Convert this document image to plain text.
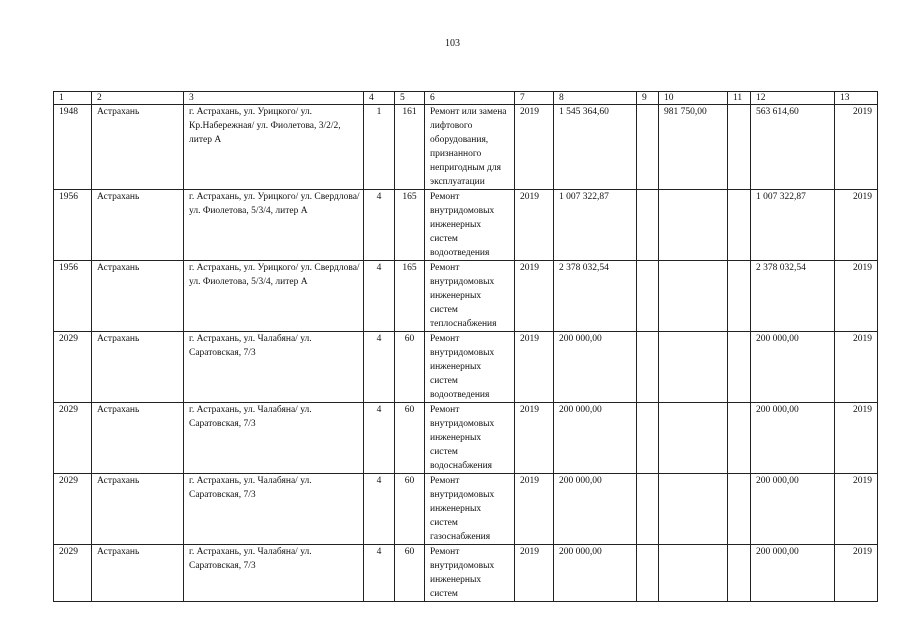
103
1	2	3	4	5	6	7	8	9	10	11	12	13
1948	Астрахань	г. Астрахань, ул. Урицкого/ ул. Кр.Набережная/ ул. Фиолетова, 3/2/2, литер А	1	161	Ремонт или замена лифтового оборудования, признанного непригодным для эксплуатации	2019	1 545 364,60		981 750,00		563 614,60	2019
1956	Астрахань	г. Астрахань, ул. Урицкого/ ул. Свердлова/ ул. Фиолетова, 5/3/4, литер А	4	165	Ремонт внутридомовых инженерных систем водоотведения	2019	1 007 322,87				1 007 322,87	2019
1956	Астрахань	г. Астрахань, ул. Урицкого/ ул. Свердлова/ ул. Фиолетова, 5/3/4, литер А	4	165	Ремонт внутридомовых инженерных систем теплоснабжения	2019	2 378 032,54				2 378 032,54	2019
2029	Астрахань	г. Астрахань, ул. Чалабяна/ ул. Саратовская, 7/3	4	60	Ремонт внутридомовых инженерных систем водоотведения	2019	200 000,00				200 000,00	2019
2029	Астрахань	г. Астрахань, ул. Чалабяна/ ул. Саратовская, 7/3	4	60	Ремонт внутридомовых инженерных систем водоснабжения	2019	200 000,00				200 000,00	2019
2029	Астрахань	г. Астрахань, ул. Чалабяна/ ул. Саратовская, 7/3	4	60	Ремонт внутридомовых инженерных систем газоснабжения	2019	200 000,00				200 000,00	2019
2029	Астрахань	г. Астрахань, ул. Чалабяна/ ул. Саратовская, 7/3	4	60	Ремонт внутридомовых инженерных систем	2019	200 000,00				200 000,00	2019
